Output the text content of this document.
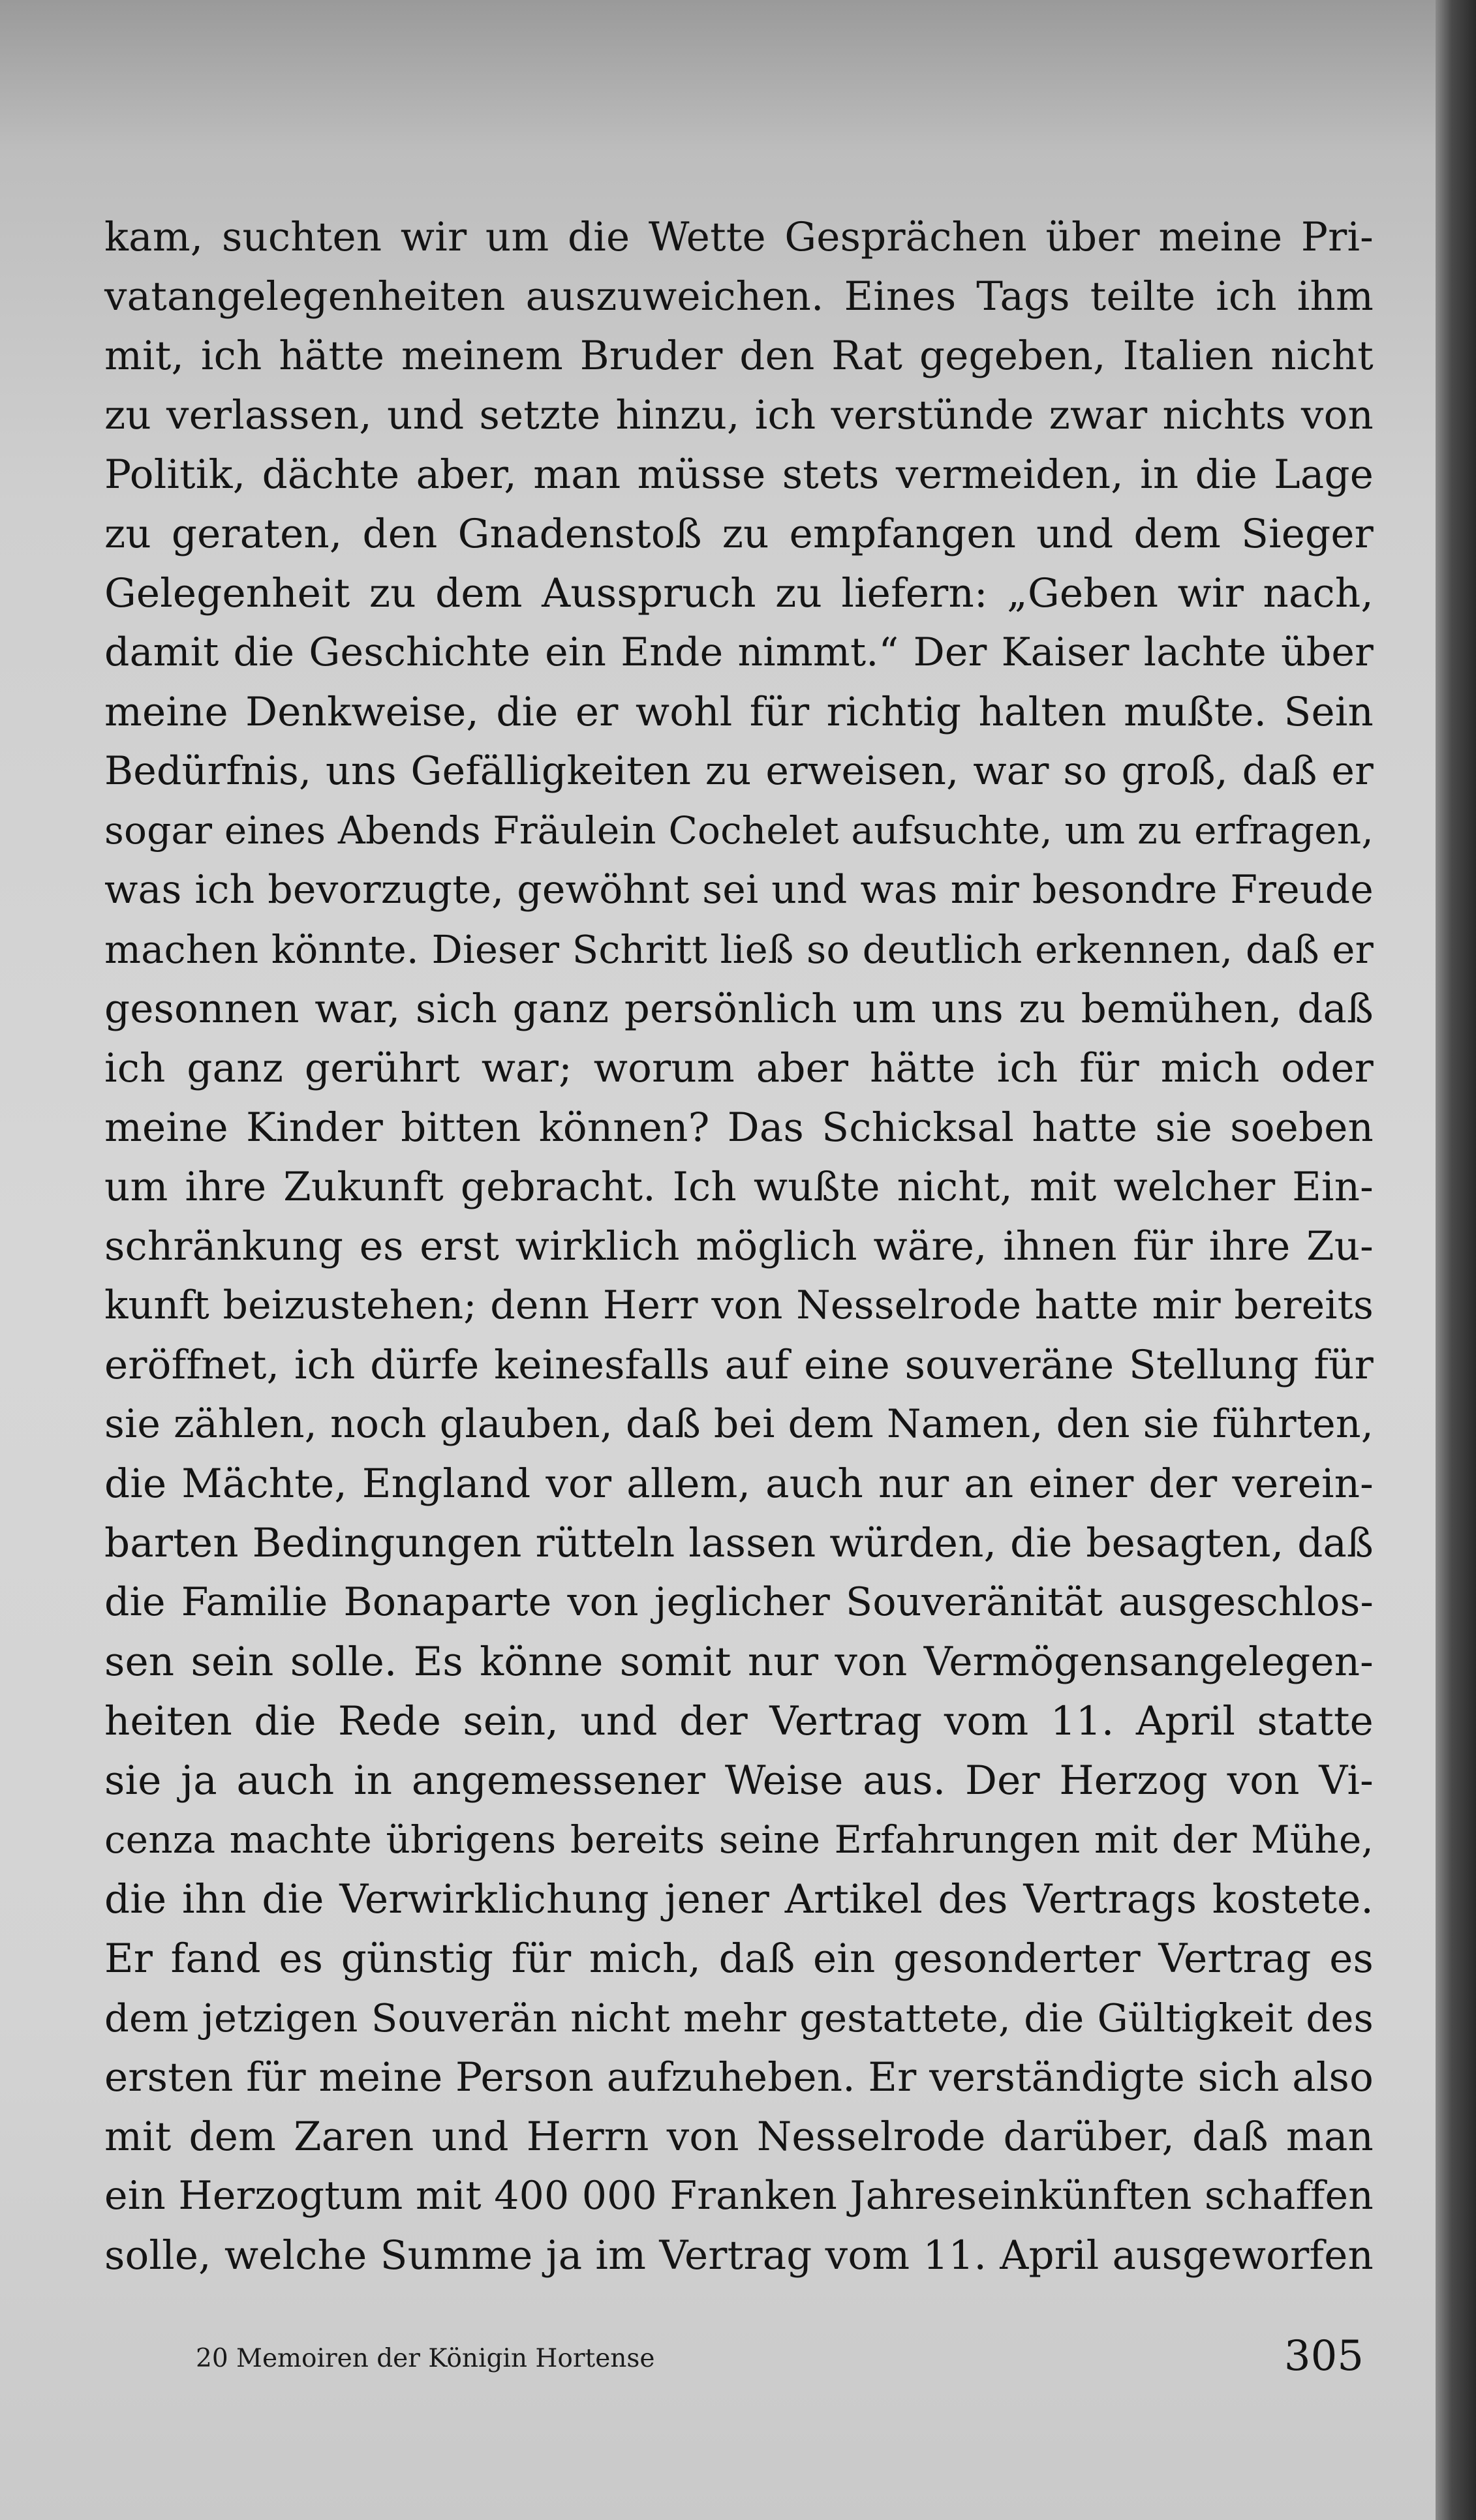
kam, suchten wir um die Wette Gesprächen über meine Pri-
vatangelegenheiten auszuweichen. Eines Tags teilte ich ihm
mit, ich hätte meinem Bruder den Rat gegeben, Italien nicht
zu verlassen, und setzte hinzu, ich verstünde zwar nichts von
Politik, dächte aber, man müsse stets vermeiden, in die Lage
zu geraten, den Gnadenstoß zu empfangen und dem Sieger
Gelegenheit zu dem Ausspruch zu liefern: „Geben wir nach,
damit die Geschichte ein Ende nimmt.“ Der Kaiser lachte über
meine Denkweise, die er wohl für richtig halten mußte. Sein
Bedürfnis, uns Gefälligkeiten zu erweisen, war so groß, daß er
sogar eines Abends Fräulein Cochelet aufsuchte, um zu erfragen,
was ich bevorzugte, gewöhnt sei und was mir besondre Freude
machen könnte. Dieser Schritt ließ so deutlich erkennen, daß er
gesonnen war, sich ganz persönlich um uns zu bemühen, daß
ich ganz gerührt war; worum aber hätte ich für mich oder
meine Kinder bitten können? Das Schicksal hatte sie soeben
um ihre Zukunft gebracht. Ich wußte nicht, mit welcher Ein-
schränkung es erst wirklich möglich wäre, ihnen für ihre Zu-
kunft beizustehen; denn Herr von Nesselrode hatte mir bereits
eröffnet, ich dürfe keinesfalls auf eine souveräne Stellung für
sie zählen, noch glauben, daß bei dem Namen, den sie führten,
die Mächte, England vor allem, auch nur an einer der verein-
barten Bedingungen rütteln lassen würden, die besagten, daß
die Familie Bonaparte von jeglicher Souveränität ausgeschlos-
sen sein solle. Es könne somit nur von Vermögensangelegen-
heiten die Rede sein, und der Vertrag vom 11. April statte
sie ja auch in angemessener Weise aus. Der Herzog von Vi-
cenza machte übrigens bereits seine Erfahrungen mit der Mühe,
die ihn die Verwirklichung jener Artikel des Vertrags kostete.
Er fand es günstig für mich, daß ein gesonderter Vertrag es
dem jetzigen Souverän nicht mehr gestattete, die Gültigkeit des
ersten für meine Person aufzuheben. Er verständigte sich also
mit dem Zaren und Herrn von Nesselrode darüber, daß man
ein Herzogtum mit 400 000 Franken Jahreseinkünften schaffen
solle, welche Summe ja im Vertrag vom 11. April ausgeworfen
20 Memoiren der Königin Hortense	305
